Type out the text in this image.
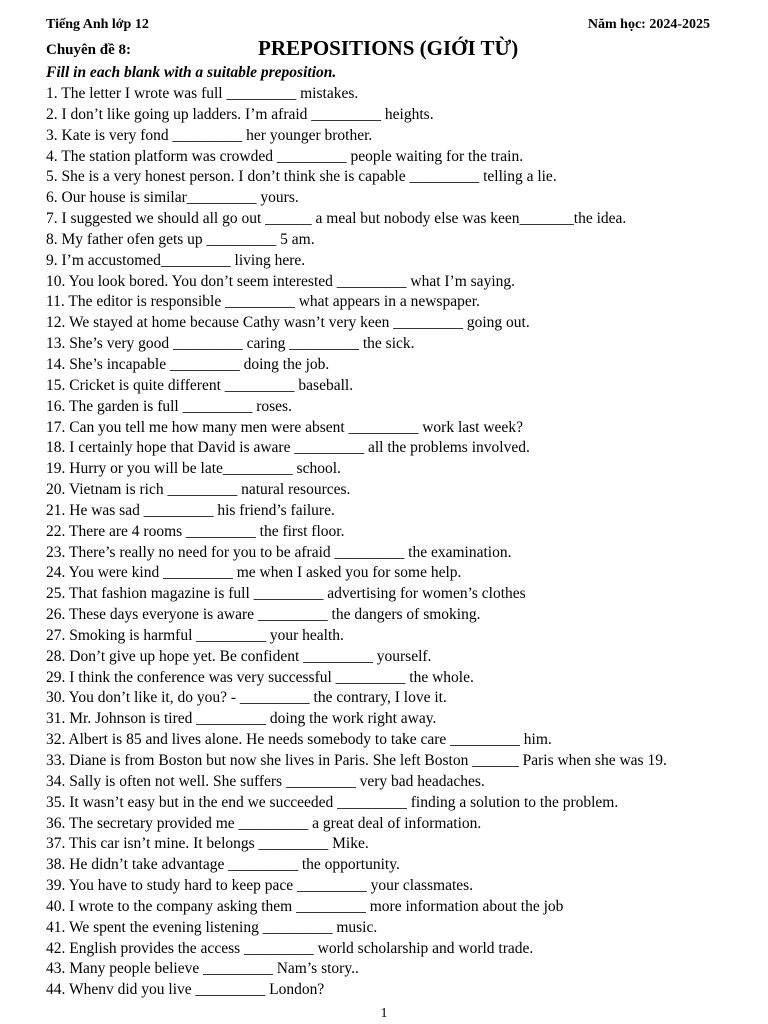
Tiếng Anh lớp 12	Năm học: 2024-2025
Chuyên đề 8:	PREPOSITIONS (GIỚI TỪ)
Fill in each blank with a suitable preposition.
1. The letter I wrote was full _________ mistakes.
2. I don’t like going up ladders. I’m afraid _________ heights.
3. Kate is very fond _________ her younger brother.
4. The station platform was crowded _________ people waiting for the train.
5. She is a very honest person. I don’t think she is capable _________ telling a lie.
6. Our house is similar_________ yours.
7. I suggested we should all go out ______ a meal but nobody else was keen_______the idea.
8. My father ofen gets up _________ 5 am.
9. I’m accustomed_________ living here.
10. You look bored. You don’t seem interested _________ what I’m saying.
11. The editor is responsible _________ what appears in a newspaper.
12. We stayed at home because Cathy wasn’t very keen _________ going out.
13. She’s very good _________ caring _________ the sick.
14. She’s incapable _________ doing the job.
15. Cricket is quite different _________ baseball.
16. The garden is full _________ roses.
17. Can you tell me how many men were absent _________ work last week?
18. I certainly hope that David is aware _________ all the problems involved.
19. Hurry or you will be late_________ school.
20. Vietnam is rich _________ natural resources.
21. He was sad _________ his friend’s failure.
22. There are 4 rooms _________ the first floor.
23. There’s really no need for you to be afraid _________ the examination.
24. You were kind _________ me when I asked you for some help.
25. That fashion magazine is full _________ advertising for women’s clothes
26. These days everyone is aware _________ the dangers of smoking.
27. Smoking is harmful _________ your health.
28. Don’t give up hope yet. Be confident _________ yourself.
29. I think the conference was very successful _________ the whole.
30. You don’t like it, do you? - _________ the contrary, I love it.
31. Mr. Johnson is tired _________ doing the work right away.
32. Albert is 85 and lives alone. He needs somebody to take care _________ him.
33. Diane is from Boston but now she lives in Paris. She left Boston ______ Paris when she was 19.
34. Sally is often not well. She suffers _________ very bad headaches.
35. It wasn’t easy but in the end we succeeded _________ finding a solution to the problem.
36. The secretary provided me _________ a great deal of information.
37. This car isn’t mine. It belongs _________ Mike.
38. He didn’t take advantage _________ the opportunity.
39. You have to study hard to keep pace _________ your classmates.
40. I wrote to the company asking them _________ more information about the job
41. We spent the evening listening _________ music.
42. English provides the access _________ world scholarship and world trade.
43. Many people believe _________ Nam’s story..
44. Whenv did you live _________ London?
1
